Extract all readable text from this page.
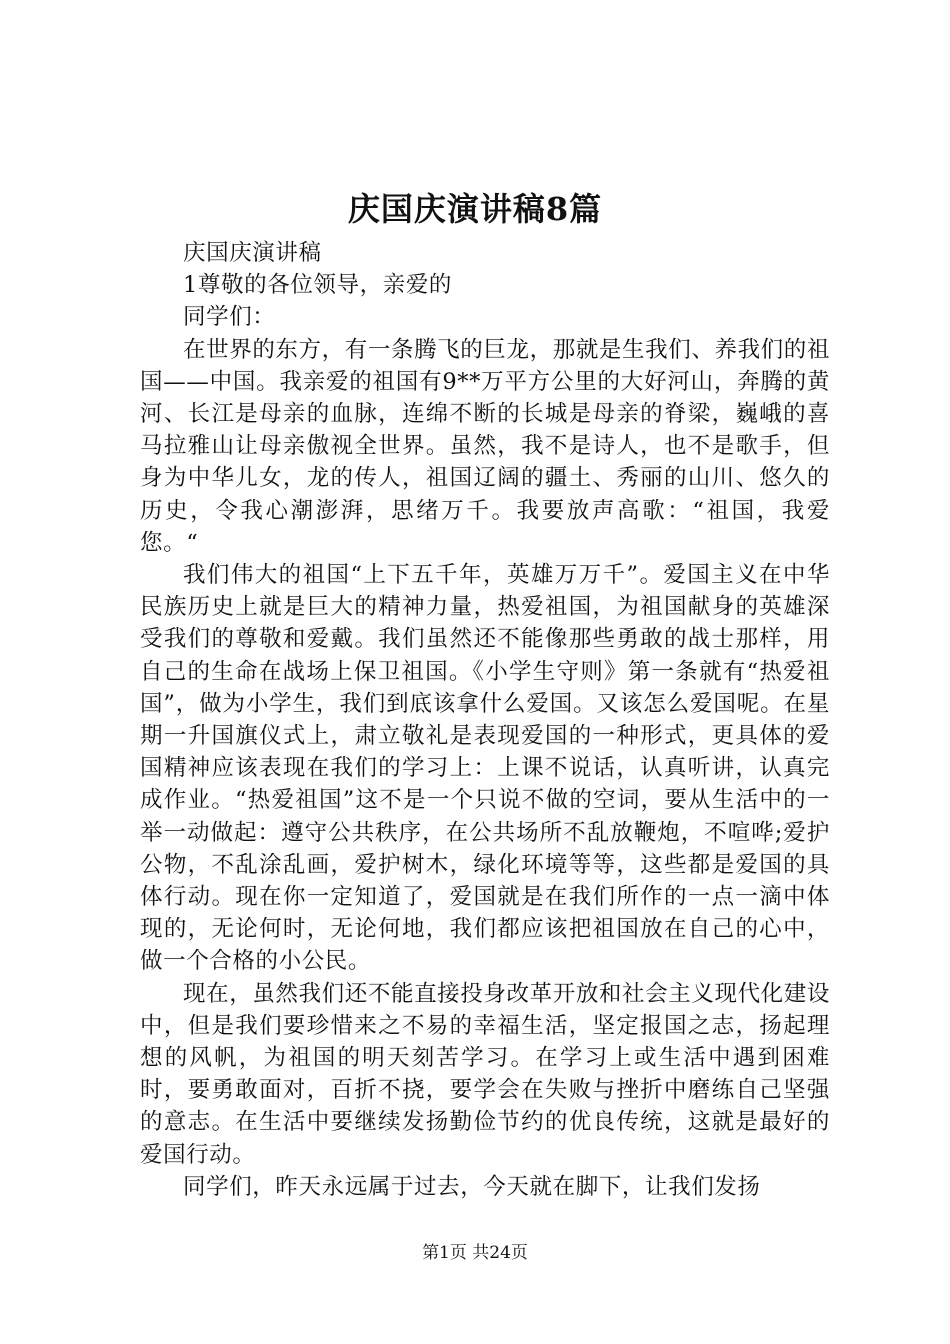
庆国庆演讲稿8篇

庆国庆演讲稿

1尊敬的各位领导，亲爱的

同学们：

在世界的东方，有一条腾飞的巨龙，那就是生我们、养我们的祖国——中国。我亲爱的祖国有9**万平方公里的大好河山，奔腾的黄河、长江是母亲的血脉，连绵不断的长城是母亲的脊梁，巍峨的喜马拉雅山让母亲傲视全世界。虽然，我不是诗人，也不是歌手，但身为中华儿女，龙的传人，祖国辽阔的疆土、秀丽的山川、悠久的历史，令我心潮澎湃，思绪万千。我要放声高歌：“祖国，我爱您。“

我们伟大的祖国“上下五千年，英雄万万千”。爱国主义在中华民族历史上就是巨大的精神力量，热爱祖国，为祖国献身的英雄深受我们的尊敬和爱戴。我们虽然还不能像那些勇敢的战士那样，用自己的生命在战场上保卫祖国。《小学生守则》第一条就有“热爱祖国”，做为小学生，我们到底该拿什么爱国。又该怎么爱国呢。在星期一升国旗仪式上，肃立敬礼是表现爱国的一种形式，更具体的爱国精神应该表现在我们的学习上：上课不说话，认真听讲，认真完成作业。“热爱祖国”这不是一个只说不做的空词，要从生活中的一举一动做起：遵守公共秩序，在公共场所不乱放鞭炮，不喧哗;爱护公物，不乱涂乱画，爱护树木，绿化环境等等，这些都是爱国的具体行动。现在你一定知道了，爱国就是在我们所作的一点一滴中体现的，无论何时，无论何地，我们都应该把祖国放在自己的心中，做一个合格的小公民。

现在，虽然我们还不能直接投身改革开放和社会主义现代化建设中，但是我们要珍惜来之不易的幸福生活，坚定报国之志，扬起理想的风帆，为祖国的明天刻苦学习。在学习上或生活中遇到困难时，要勇敢面对，百折不挠，要学会在失败与挫折中磨练自己坚强的意志。在生活中要继续发扬勤俭节约的优良传统，这就是最好的爱国行动。

同学们，昨天永远属于过去，今天就在脚下，让我们发扬

第1页 共24页
